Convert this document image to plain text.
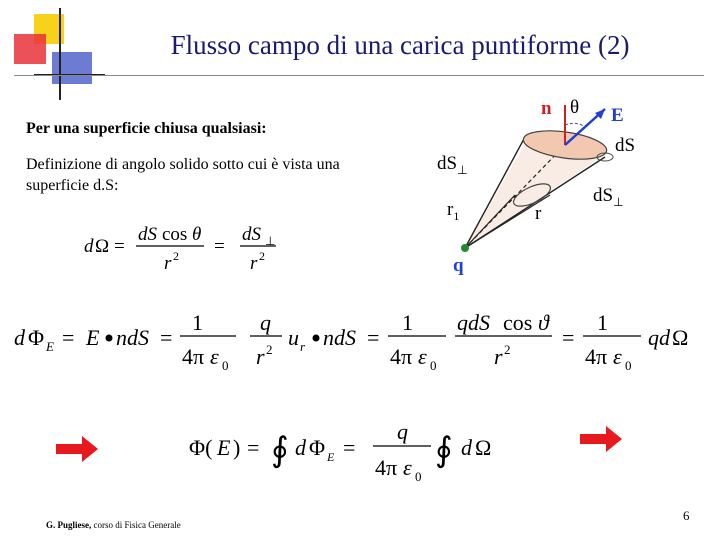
Flusso campo di una carica puntiforme (2)
Per una superficie chiusa qualsiasi:
Definizione di angolo solido sotto cui è vista una superficie d.S:
d Ω =
dS cos θ
r 2 =
dS ⊥
r 2
d Φ E = E ndS =
1
4π ε 0
q
r 2 u r ndS =
1
4π ε 0
qdS cos ϑ
r 2 =
1
4π ε 0
qd Ω
Φ( E ) = ∮ d Φ E =
q
4π ε 0
∮ d Ω
n θ E
dS
$dS_\perp$
$dS_\perp$
$r_1$	r
q
G. Pugliese, corso di Fisica Generale
6
